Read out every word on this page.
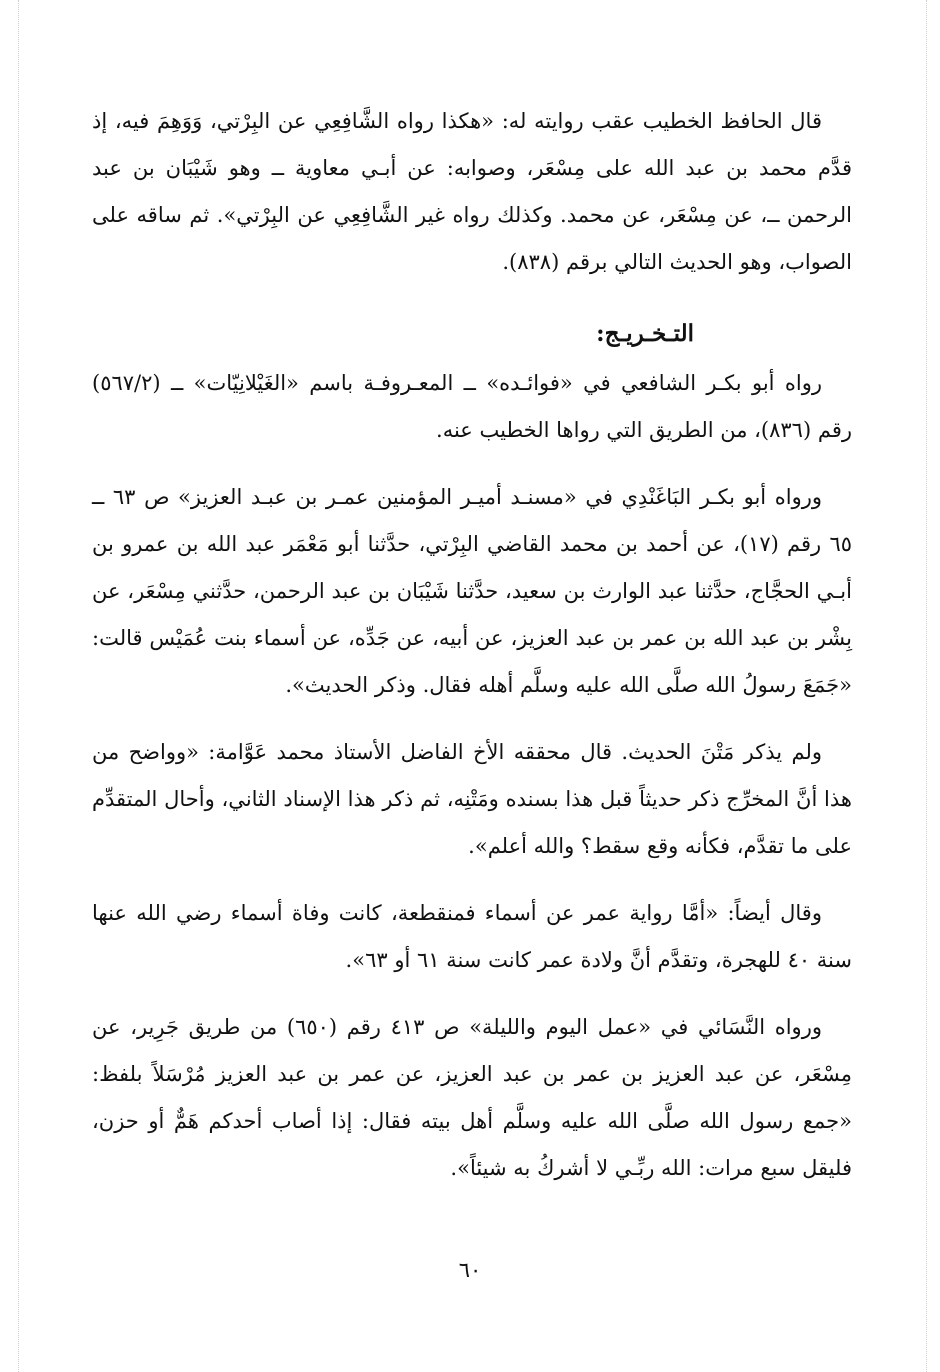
قال الحافظ الخطيب عقب روايته له: «هكذا رواه الشَّافِعِي عن البِرْتي، وَوَهِمَ فيه، إذ قدَّم محمد بن عبد الله على مِسْعَر، وصوابه: عن أبـي معاوية ــ وهو شَيْبَان بن عبد الرحمن ــ، عن مِسْعَر، عن محمد. وكذلك رواه غير الشَّافِعِي عن البِرْتي». ثم ساقه على الصواب، وهو الحديث التالي برقم (٨٣٨).

التـخـريـج:

رواه أبو بكـر الشافعي في «فوائـده» ــ المعـروفـة باسم «الغَيْلانِيّات» ــ (٥٦٧/٢) رقم (٨٣٦)، من الطريق التي رواها الخطيب عنه.

ورواه أبو بكـر البَاغَنْدِي في «مسنـد أميـر المؤمنين عمـر بن عبـد العزيز» ص ٦٣ ــ ٦٥ رقم (١٧)، عن أحمد بن محمد القاضي البِرْتي، حدَّثنا أبو مَعْمَر عبد الله بن عمرو بن أبـي الحجَّاج، حدَّثنا عبد الوارث بن سعيد، حدَّثنا شَيْبَان بن عبد الرحمن، حدَّثني مِسْعَر، عن بِشْر بن عبد الله بن عمر بن عبد العزيز، عن أبيه، عن جَدِّه، عن أسماء بنت عُمَيْس قالت: «جَمَعَ رسولُ الله صلَّى الله عليه وسلَّم أهله فقال. وذكر الحديث».

ولم يذكر مَتْنَ الحديث. قال محققه الأخ الفاضل الأستاذ محمد عَوَّامة: «وواضح من هذا أنَّ المخرِّج ذكر حديثاً قبل هذا بسنده ومَتْنِه، ثم ذكر هذا الإسناد الثاني، وأحال المتقدِّم على ما تقدَّم، فكأنه وقع سقط؟ والله أعلم».

وقال أيضاً: «أمَّا رواية عمر عن أسماء فمنقطعة، كانت وفاة أسماء رضي الله عنها سنة ٤٠ للهجرة، وتقدَّم أنَّ ولادة عمر كانت سنة ٦١ أو ٦٣».

ورواه النَّسَائي في «عمل اليوم والليلة» ص ٤١٣ رقم (٦٥٠) من طريق جَرِير، عن مِسْعَر، عن عبد العزيز بن عمر بن عبد العزيز، عن عمر بن عبد العزيز مُرْسَلاً بلفظ: «جمع رسول الله صلَّى الله عليه وسلَّم أهل بيته فقال: إذا أصاب أحدكم هَمٌّ أو حزن، فليقل سبع مرات: الله ربِّـي لا أشركُ به شيئاً».

٦٠
